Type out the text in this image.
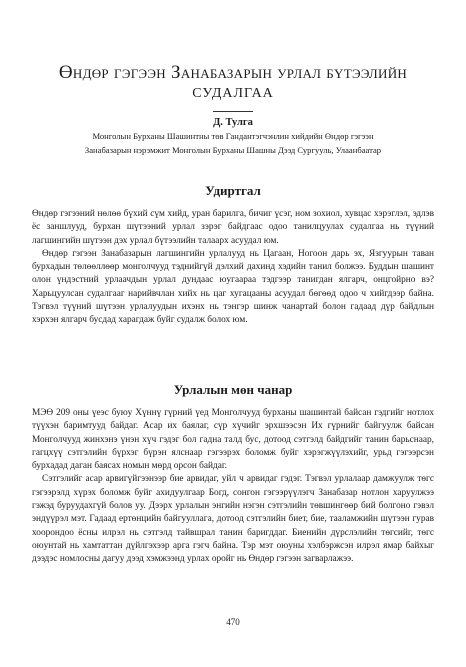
Өндөр гэгээн Занабазарын урлал бүтээлийн
СУДАЛГАА
Д. Тулга
Монголын Бурханы Шашинтны төв Гандантэгчэнлин хийдийн Өндөр гэгээн
Занабазарын нэрэмжит Монголын Бурханы Шашны Дээд Сургууль, Улаанбаатар
Удиртгал

Өндөр гэгээний нөлөө бүхий сүм хийд, уран барилга, бичиг үсэг, ном зохиол, хувцас хэрэглэл, эдлэв ёс заншлууд, бурхан шүтээний урлал зэрэг байдгаас одоо танилцуулах судалгаа нь түүний лагшингийн шүтээн дэх урлал бүтээлийн талаарх асуудал юм.

Өндөр гэгээн Занабазарын лагшингийн урлалууд нь Цагаан, Ногоон дарь эх, Язгуурын таван бурхадын төлөөллөөр монголчууд тэднийгүй дэлхий дахинд хэдийн танил болжээ. Буддын шашинт олон үндэстний урлаачдын урлал дундаас юугаараа тэдгээр танигдан ялгарч, онцгойрно вэ? Харьцуулсан судалгааг нарийвчлан хийх нь цаг хугацааны асуудал бөгөөд одоо ч хийгдээр байна. Тэгвэл түүний шүтээн урлалуудын ихэнх нь тэнгэр шинж чанартай болон гадаад дүр байдлын хэрхэн ялгарч бусдад харагдаж буйг судалж болох юм.

Урлалын мөн чанар

МЭӨ 209 оны үеэс буюу Хүннү гүрний үед Монголчууд бурханы шашинтай байсан гэдгийг нотлох түүхэн баримтууд байдаг. Асар их баялаг, сүр хүчийг эрхшээсэн Их гүрнийг байгуулж байсан Монголчууд жинхэнэ үнэн хүч гэдэг бол гадна талд бус, дотоод сэтгэлд байдгийг танин барьснаар, гагцхүү сэтгэлийн бүрхэг бүрэн ялснаар гэгээрэх боломж буйг хэрэгжүүлэхийг, урьд гэгээрсэн бурхадад даган баясах номын мөрд орсон байдаг.

Сэтгэлийг асар арвигүйгээнээр бие арвидаг, уйл ч арвидаг гэдэг. Тэгвэл урлалаар дамжуулж төгс гэгээрэлд хүрэх боломж буйг ахидуулгаар Богд, сонгон гэгээрүүлэгч Занабазар нотлон харуулжээ гэжэд буруудахгүй болов уу. Дээрх урлалын энгийн нэгэн сэтгэлийн төвшингөөр бий болгоно гэвэл эндүүрэл мэт. Гадаад ертөнцийн байгууллага, дотоод сэтгэлийн биет, бие, тааламжийн шүтээн гурав хоорондоо ёсны илрэл нь сэтгэлд тайвшрал танин баригддаг. Биенийн дүрслэлийн төгсийг, төгс оюунтай нь хамтаттан дүйлгэхээр арга гэгч байна. Тэр мэт оюуны хэлбэржсэн илрэл ямар байхыг дээдэс номлосны дагуу дээд хэмжээнд урлах оройг нь Өндөр гэгээн загварлажээ.

470
